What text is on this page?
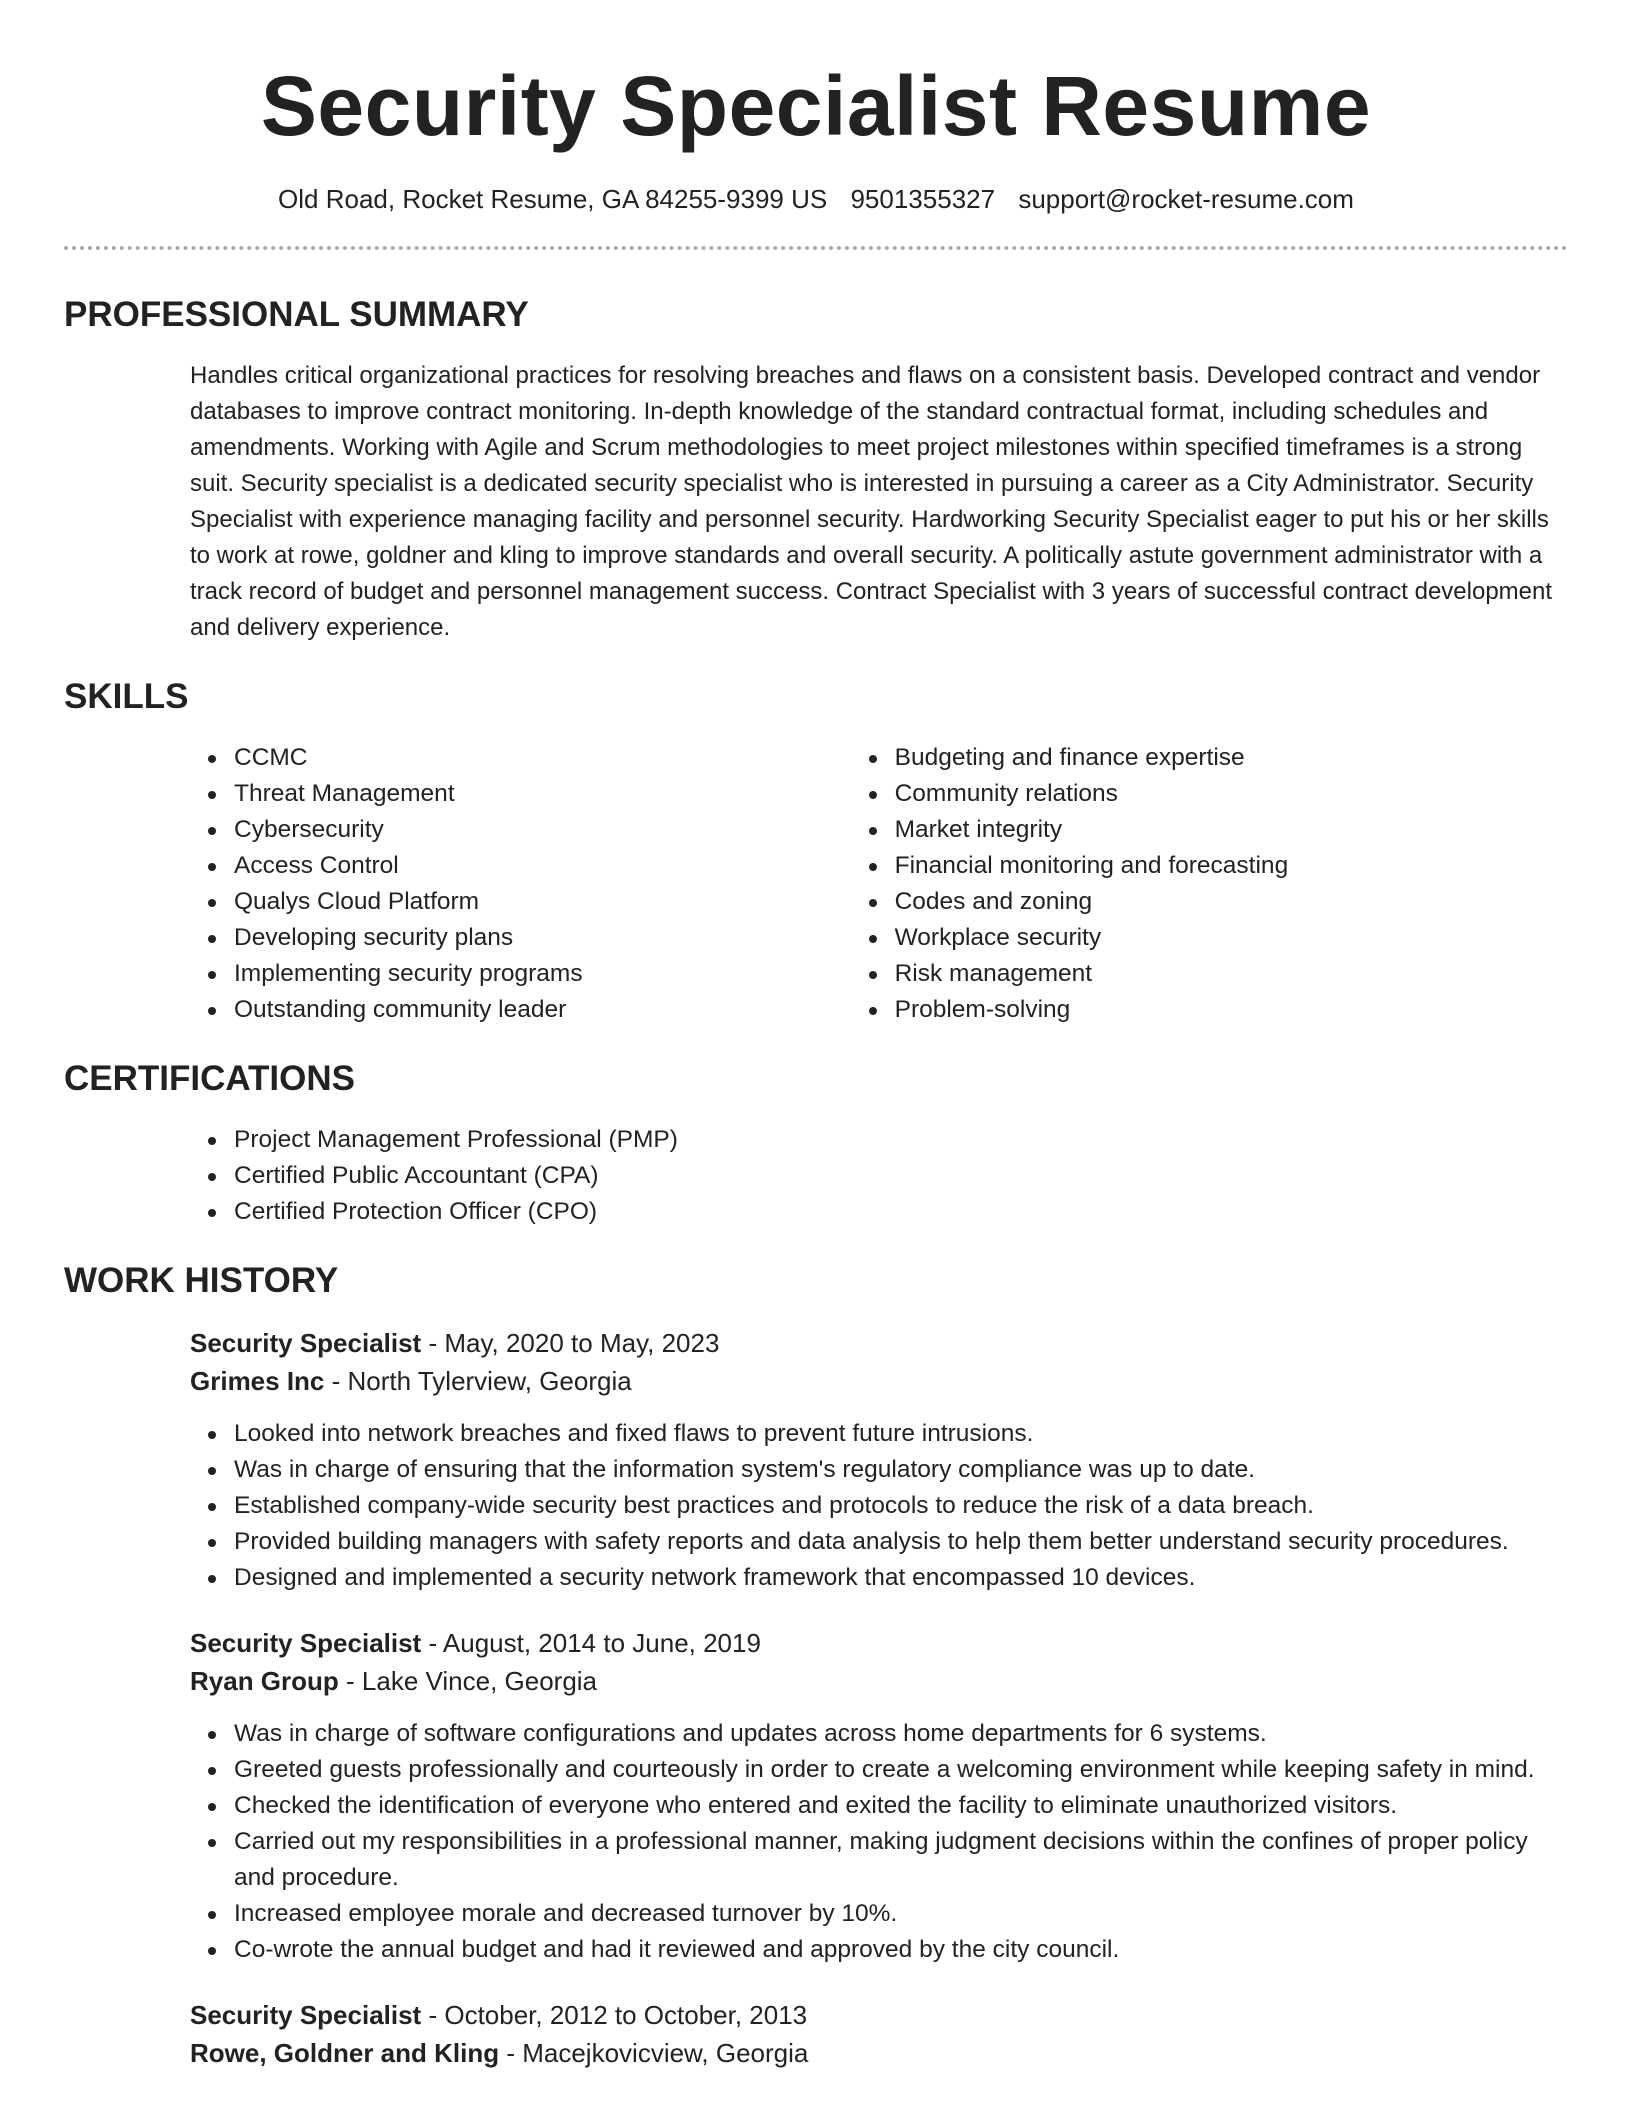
Security Specialist Resume
Old Road, Rocket Resume, GA 84255-9399 US 9501355327 support@rocket-resume.com
PROFESSIONAL SUMMARY

Handles critical organizational practices for resolving breaches and flaws on a consistent basis. Developed contract and vendor databases to improve contract monitoring. In-depth knowledge of the standard contractual format, including schedules and amendments. Working with Agile and Scrum methodologies to meet project milestones within specified timeframes is a strong suit. Security specialist is a dedicated security specialist who is interested in pursuing a career as a City Administrator. Security Specialist with experience managing facility and personnel security. Hardworking Security Specialist eager to put his or her skills to work at rowe, goldner and kling to improve standards and overall security. A politically astute government administrator with a track record of budget and personnel management success. Contract Specialist with 3 years of successful contract development and delivery experience.

SKILLS
CCMC
Threat Management
Cybersecurity
Access Control
Qualys Cloud Platform
Developing security plans
Implementing security programs
Outstanding community leader
Budgeting and finance expertise
Community relations
Market integrity
Financial monitoring and forecasting
Codes and zoning
Workplace security
Risk management
Problem-solving
CERTIFICATIONS
Project Management Professional (PMP)
Certified Public Accountant (CPA)
Certified Protection Officer (CPO)
WORK HISTORY
Security Specialist - May, 2020 to May, 2023
Grimes Inc - North Tylerview, Georgia
Looked into network breaches and fixed flaws to prevent future intrusions.
Was in charge of ensuring that the information system's regulatory compliance was up to date.
Established company-wide security best practices and protocols to reduce the risk of a data breach.
Provided building managers with safety reports and data analysis to help them better understand security procedures.
Designed and implemented a security network framework that encompassed 10 devices.
Security Specialist - August, 2014 to June, 2019
Ryan Group - Lake Vince, Georgia
Was in charge of software configurations and updates across home departments for 6 systems.
Greeted guests professionally and courteously in order to create a welcoming environment while keeping safety in mind.
Checked the identification of everyone who entered and exited the facility to eliminate unauthorized visitors.
Carried out my responsibilities in a professional manner, making judgment decisions within the confines of proper policy and procedure.
Increased employee morale and decreased turnover by 10%.
Co-wrote the annual budget and had it reviewed and approved by the city council.
Security Specialist - October, 2012 to October, 2013
Rowe, Goldner and Kling - Macejkovicview, Georgia
